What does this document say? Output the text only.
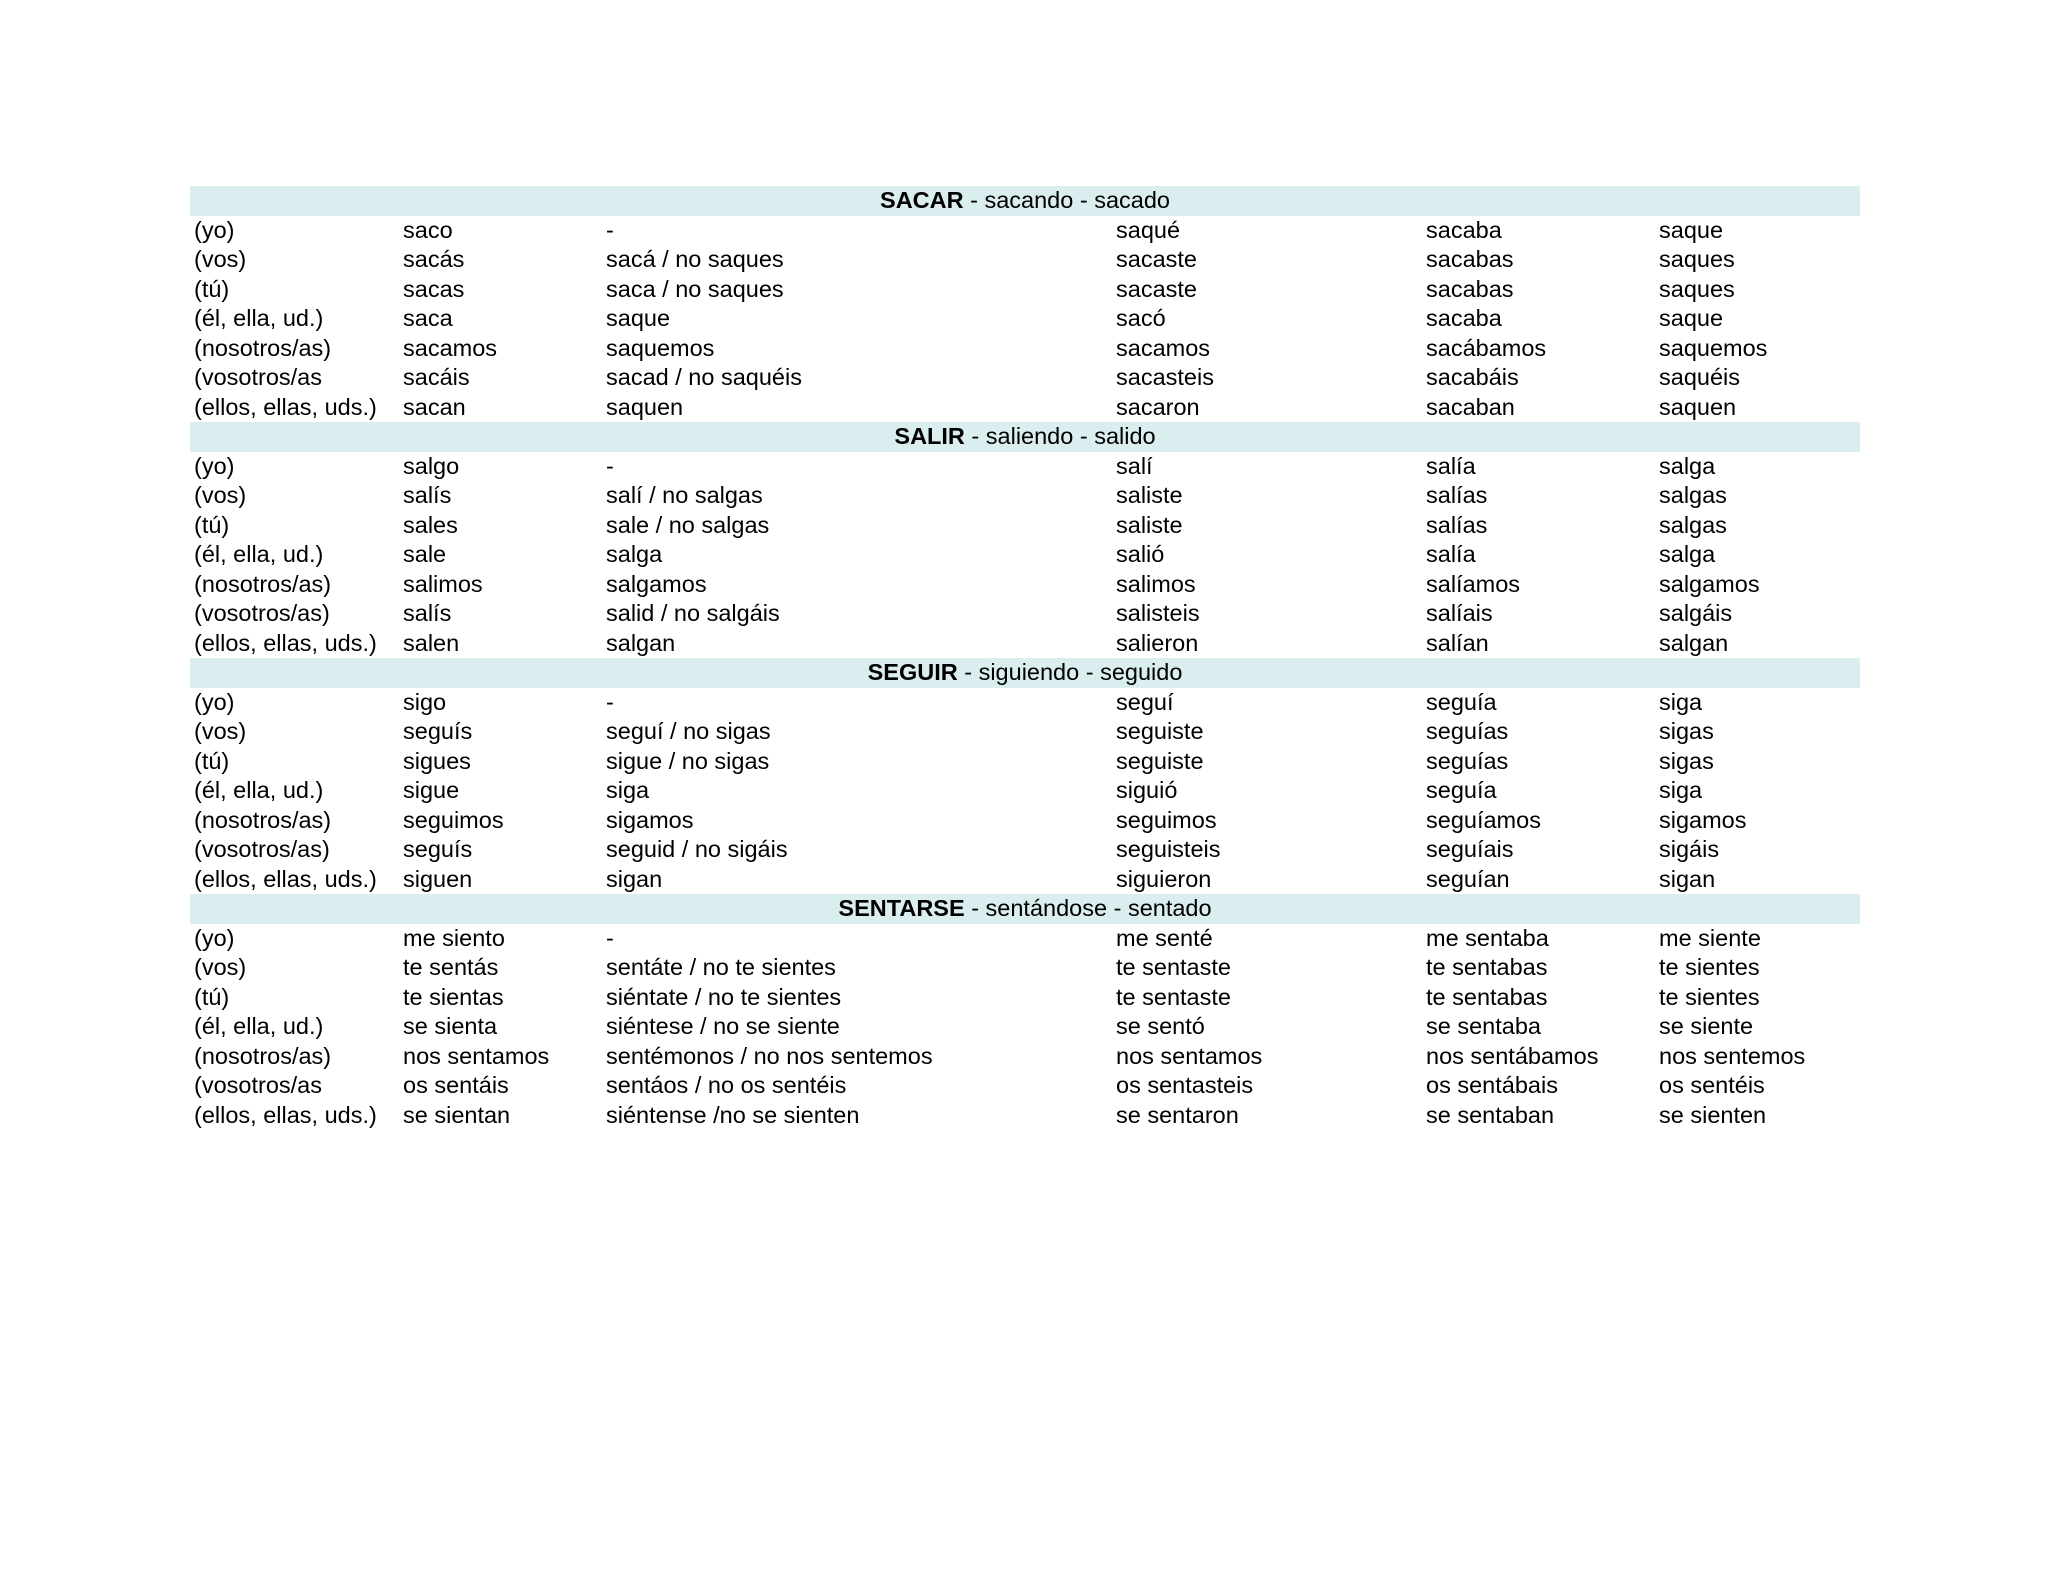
SACAR - sacando - sacado					
(yo)	saco	-	saqué	sacaba	saque
(vos)	sacás	sacá / no saques	sacaste	sacabas	saques
(tú)	sacas	saca / no saques	sacaste	sacabas	saques
(él, ella, ud.)	saca	saque	sacó	sacaba	saque
(nosotros/as)	sacamos	saquemos	sacamos	sacábamos	saquemos
(vosotros/as	sacáis	sacad / no saquéis	sacasteis	sacabáis	saquéis
(ellos, ellas, uds.)	sacan	saquen	sacaron	sacaban	saquen
SALIR - saliendo - salido					
(yo)	salgo	-	salí	salía	salga
(vos)	salís	salí / no salgas	saliste	salías	salgas
(tú)	sales	sale / no salgas	saliste	salías	salgas
(él, ella, ud.)	sale	salga	salió	salía	salga
(nosotros/as)	salimos	salgamos	salimos	salíamos	salgamos
(vosotros/as)	salís	salid / no salgáis	salisteis	salíais	salgáis
(ellos, ellas, uds.)	salen	salgan	salieron	salían	salgan
SEGUIR - siguiendo - seguido					
(yo)	sigo	-	seguí	seguía	siga
(vos)	seguís	seguí / no sigas	seguiste	seguías	sigas
(tú)	sigues	sigue / no sigas	seguiste	seguías	sigas
(él, ella, ud.)	sigue	siga	siguió	seguía	siga
(nosotros/as)	seguimos	sigamos	seguimos	seguíamos	sigamos
(vosotros/as)	seguís	seguid / no sigáis	seguisteis	seguíais	sigáis
(ellos, ellas, uds.)	siguen	sigan	siguieron	seguían	sigan
SENTARSE - sentándose - sentado					
(yo)	me siento	-	me senté	me sentaba	me siente
(vos)	te sentás	sentáte / no te sientes	te sentaste	te sentabas	te sientes
(tú)	te sientas	siéntate / no te sientes	te sentaste	te sentabas	te sientes
(él, ella, ud.)	se sienta	siéntese / no se siente	se sentó	se sentaba	se siente
(nosotros/as)	nos sentamos	sentémonos / no nos sentemos	nos sentamos	nos sentábamos	nos sentemos
(vosotros/as	os sentáis	sentáos / no os sentéis	os sentasteis	os sentábais	os sentéis
(ellos, ellas, uds.)	se sientan	siéntense /no se sienten	se sentaron	se sentaban	se sienten
